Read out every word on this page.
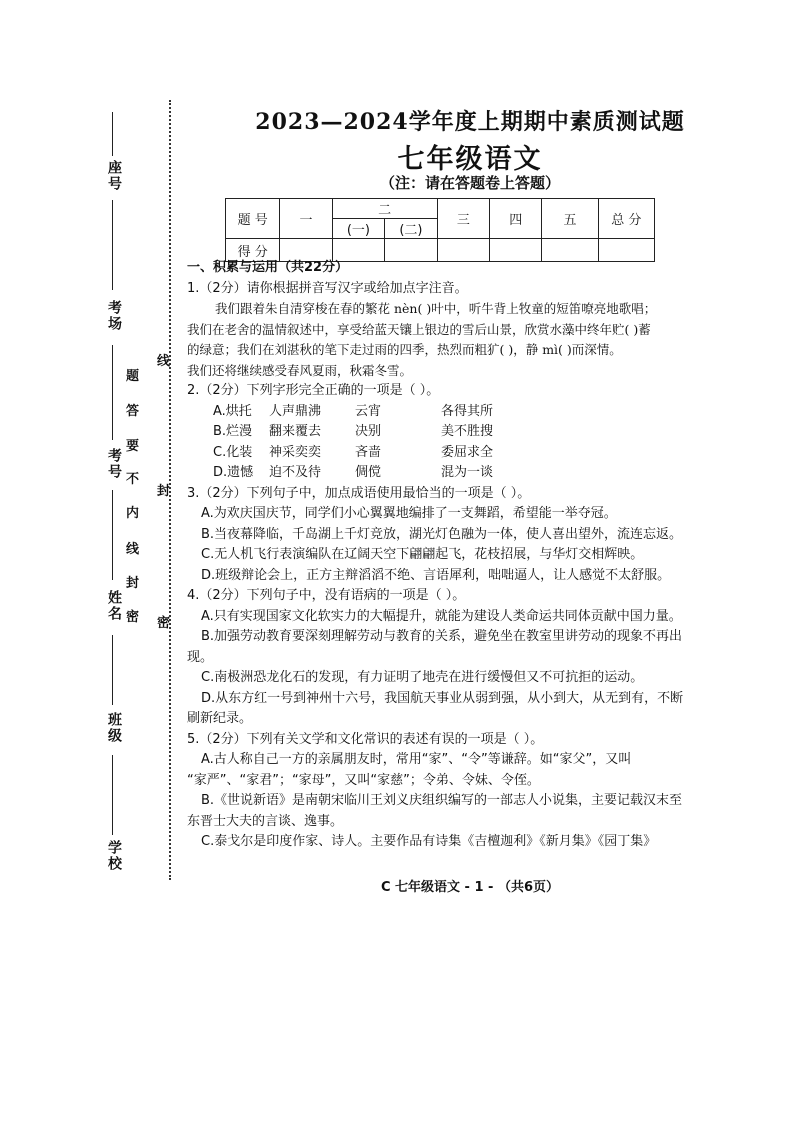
座号
考场
考号
姓名
班级
学校
题
答
要
不
内
线
封
密
线
封
密
2023—2024学年度上期期中素质测试题
七年级语文
（注：请在答题卷上答题）
题 号	一	二		三	四	五	总 分
		(一)	(二)				
得 分							

一、积累与运用（共22分）

1.（2分）请你根据拼音写汉字或给加点字注音。

我们跟着朱自清穿梭在春的繁花 nèn( )叶中，听牛背上牧童的短笛嘹亮地歌唱；

我们在老舍的温情叙述中，享受给蓝天镶上银边的雪后山景，欣赏水藻中终年贮( )蓄

的绿意；我们在刘湛秋的笔下走过雨的四季，热烈而粗犷( )，静 mì( )而深情。

我们还将继续感受春风夏雨，秋霜冬雪。

2.（2分）下列字形完全正确的一项是（ ）。

A.烘托	人声鼎沸	云宵	各得其所
B.烂漫	翻来覆去	决别	美不胜搜
C.化装	神采奕奕	吝啬	委屈求全
D.遗憾	迫不及待	倜傥	混为一谈

3.（2分）下列句子中，加点成语使用最恰当的一项是（ ）。

A.为欢庆国庆节，同学们小心翼翼地编排了一支舞蹈，希望能一举夺冠。

B.当夜幕降临，千岛湖上千灯竞放，湖光灯色融为一体，使人喜出望外，流连忘返。

C.无人机飞行表演编队在辽阔天空下翩翩起飞，花枝招展，与华灯交相辉映。

D.班级辩论会上，正方主辩滔滔不绝、言语犀利，咄咄逼人，让人感觉不太舒服。

4.（2分）下列句子中，没有语病的一项是（ ）。

A.只有实现国家文化软实力的大幅提升，就能为建设人类命运共同体贡献中国力量。

B.加强劳动教育要深刻理解劳动与教育的关系，避免坐在教室里讲劳动的现象不再出

现。

C.南极洲恐龙化石的发现，有力证明了地壳在进行缓慢但又不可抗拒的运动。

D.从东方红一号到神州十六号，我国航天事业从弱到强，从小到大，从无到有，不断

刷新纪录。

5.（2分）下列有关文学和文化常识的表述有误的一项是（ ）。

A.古人称自己一方的亲属朋友时，常用“家”、“令”等谦辞。如“家父”，又叫

“家严”、“家君”；“家母”，又叫“家慈”；令弟、令妹、令侄。

B.《世说新语》是南朝宋临川王刘义庆组织编写的一部志人小说集，主要记载汉末至

东晋士大夫的言谈、逸事。

C.泰戈尔是印度作家、诗人。主要作品有诗集《吉檀迦利》《新月集》《园丁集》

C 七年级语文 - 1 - （共6页）
